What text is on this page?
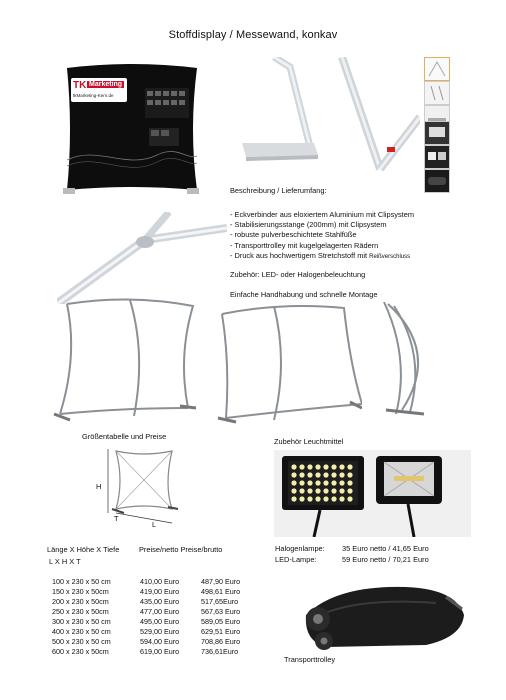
Stoffdisplay / Messewand, konkav
TK Marketing
tkMarketing-Kern.de
Beschreibung / Lieferumfang:
- Eckverbinder aus eloxiertem Aluminium mit Clipsystem
- Stabilisierungsstange (200mm) mit Clipsystem
- robuste pulverbeschichtete Stahlfüße
- Transporttrolley mit kugelgelagerten Rädern
- Druck aus hochwertigem Stretchstoff mit Reißverschluss
Zubehör: LED- oder Halogenbeleuchtung
Einfache Handhabung und schnelle Montage
Größentabelle und Preise
H
T
L
Länge X Höhe X Tiefe	Preise/netto Preise/brutto
L X H X T
100 x 230 x 50 cm	410,00 Euro	487,90 Euro
150 x 230 x 50cm	419,00 Euro	498,61 Euro
200 x 230 x 50cm	435,00 Euro	517,65Euro
250 x 230 x 50cm	477,00 Euro	567,63 Euro
300 x 230 x 50 cm	495,00 Euro	589,05 Euro
400 x 230 x 50 cm	529,00 Euro	629,51 Euro
500 x 230 x 50 cm	594,00 Euro	708,86 Euro
600 x 230 x 50cm	619,00 Euro	736,61Euro
Zubehör Leuchtmittel
Halogenlampe: 35 Euro netto / 41,65 Euro
LED-Lampe:	59 Euro netto / 70,21 Euro
Transporttrolley
